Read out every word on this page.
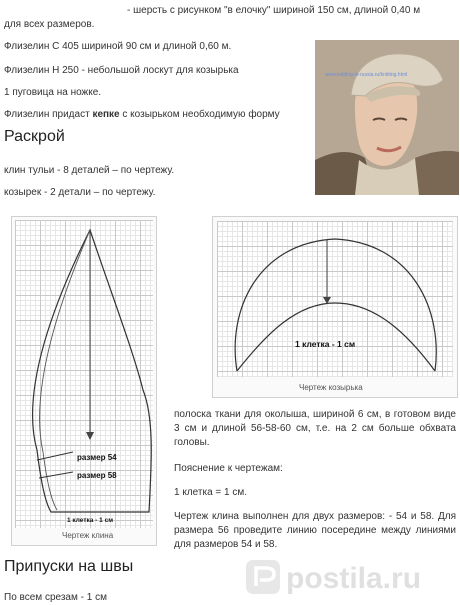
- шерсть с рисунком "в елочку" шириной 150 см, длиной 0,40 м

для всех размеров.

Флизелин С 405 шириной 90 см и длиной 0,60 м.

Флизелин Н 250 - небольшой лоскут для козырька

1 пуговица на ножке.

Флизелин придаст кепке с козырьком необходимую форму

www.knitting-in-russia.ru/knitting.html
Раскрой

клин тульи - 8 деталей – по чертежу.

козырек - 2 детали – по чертежу.

размер 54
размер 58
1 клетка - 1 см
Чертеж клина
1 клетка - 1 см
Чертеж козырька

полоска ткани для околыша, шириной 6 см, в готовом виде 3 см и длиной 56-58-60 см, т.е. на 2 см больше обхвата головы.

Пояснение к чертежам:

1 клетка = 1 см.

Чертеж клина выполнен для двух размеров: - 54 и 58. Для размера 56 проведите линию посередине между линиями для размеров 54 и 58.

Припуски на швы

По всем срезам - 1 см

postila.ru
